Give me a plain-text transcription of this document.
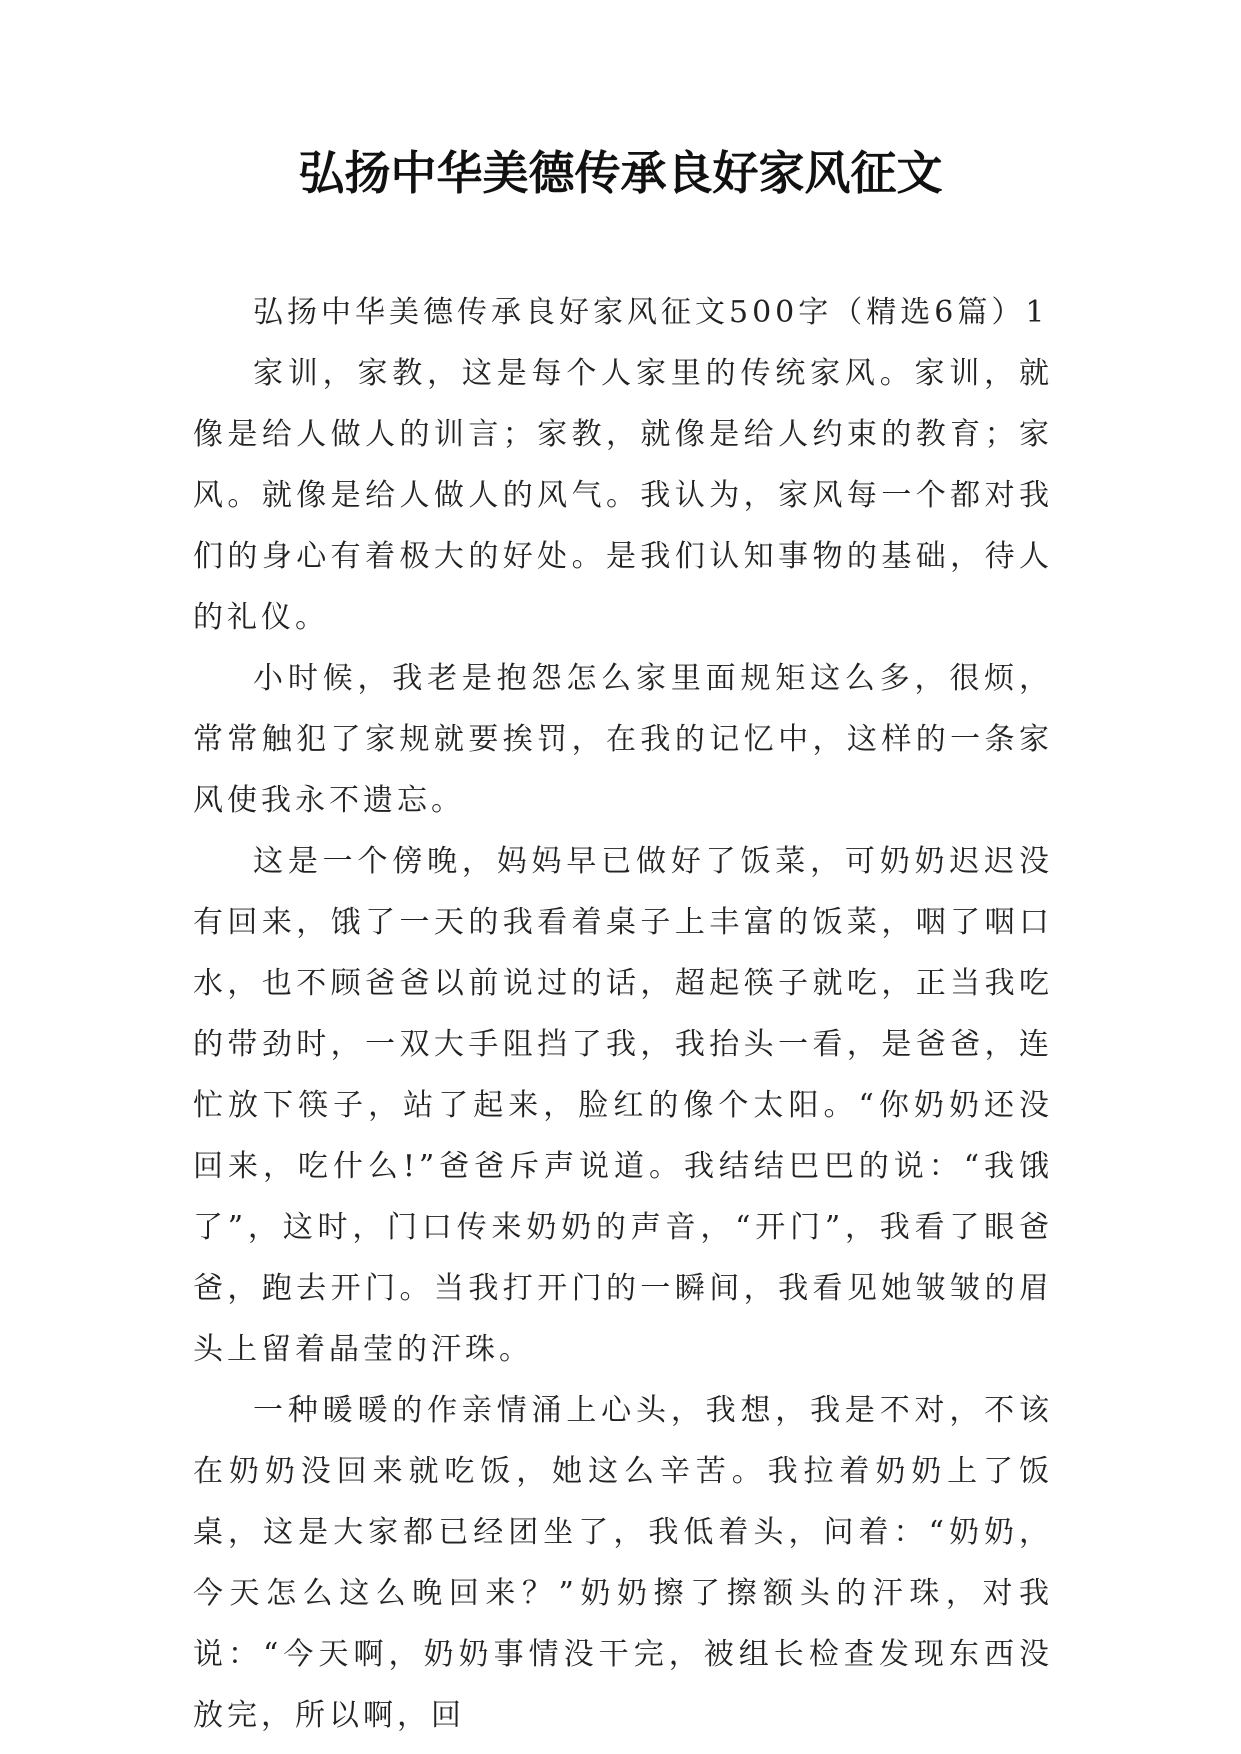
弘扬中华美德传承良好家风征文

弘扬中华美德传承良好家风征文500字（精选6篇）1

家训，家教，这是每个人家里的传统家风。家训，就像是给人做人的训言；家教，就像是给人约束的教育；家风。就像是给人做人的风气。我认为，家风每一个都对我们的身心有着极大的好处。是我们认知事物的基础，待人的礼仪。

小时候，我老是抱怨怎么家里面规矩这么多，很烦，常常触犯了家规就要挨罚，在我的记忆中，这样的一条家风使我永不遗忘。

这是一个傍晚，妈妈早已做好了饭菜，可奶奶迟迟没有回来，饿了一天的我看着桌子上丰富的饭菜，咽了咽口水，也不顾爸爸以前说过的话，超起筷子就吃，正当我吃的带劲时，一双大手阻挡了我，我抬头一看，是爸爸，连忙放下筷子，站了起来，脸红的像个太阳。“你奶奶还没回来，吃什么!”爸爸斥声说道。我结结巴巴的说：“我饿了”，这时，门口传来奶奶的声音，“开门”，我看了眼爸爸，跑去开门。当我打开门的一瞬间，我看见她皱皱的眉头上留着晶莹的汗珠。

一种暖暖的作亲情涌上心头，我想，我是不对，不该在奶奶没回来就吃饭，她这么辛苦。我拉着奶奶上了饭桌，这是大家都已经团坐了，我低着头，问着：“奶奶，今天怎么这么晚回来？”奶奶擦了擦额头的汗珠，对我说：“今天啊，奶奶事情没干完，被组长检查发现东西没放完，所以啊，回
